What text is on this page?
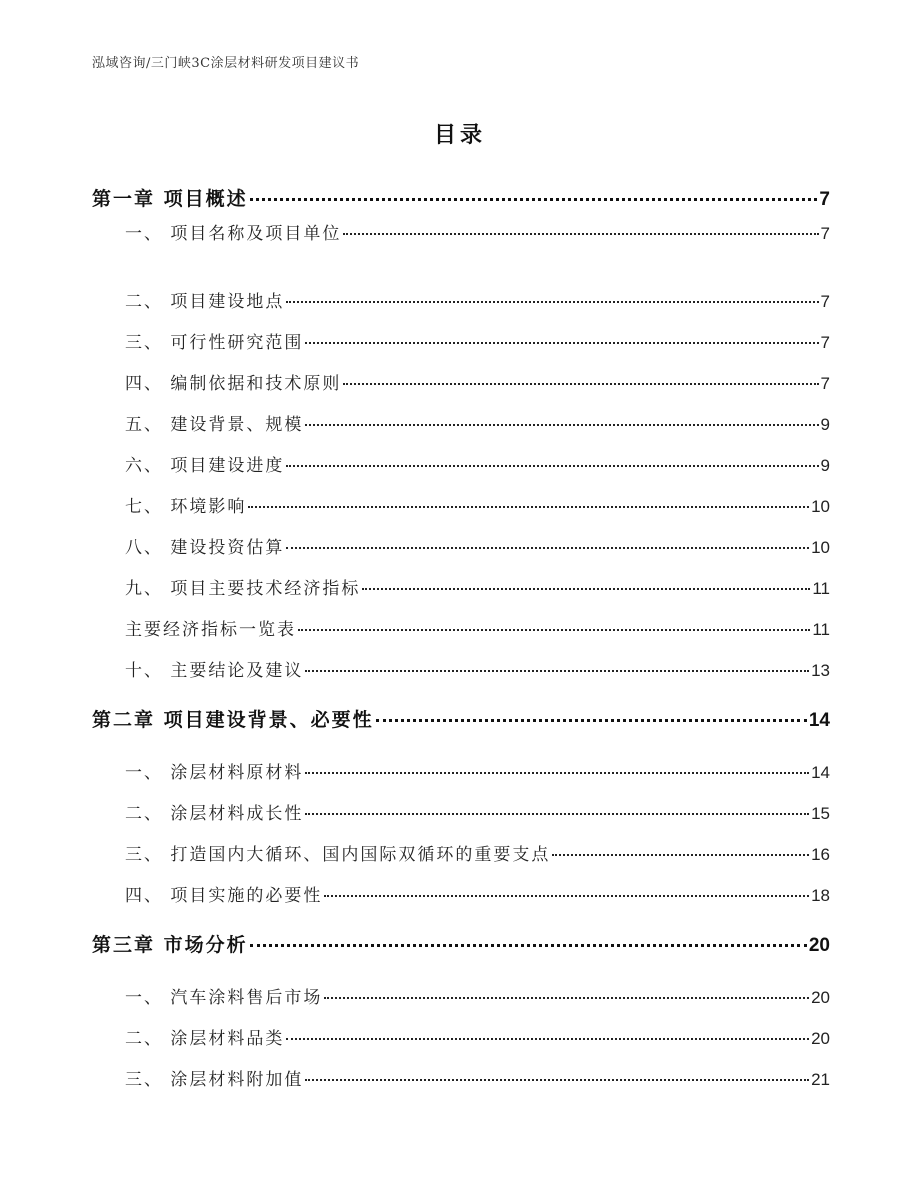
泓域咨询/三门峡3C涂层材料研发项目建议书
目录
第一章 项目概述	7
一、 项目名称及项目单位	7
二、 项目建设地点	7
三、 可行性研究范围	7
四、 编制依据和技术原则	7
五、 建设背景、规模	9
六、 项目建设进度	9
七、 环境影响	10
八、 建设投资估算	10
九、 项目主要技术经济指标	11
主要经济指标一览表	11
十、 主要结论及建议	13
第二章 项目建设背景、必要性	14
一、 涂层材料原材料	14
二、 涂层材料成长性	15
三、 打造国内大循环、国内国际双循环的重要支点	16
四、 项目实施的必要性	18
第三章 市场分析	20
一、 汽车涂料售后市场	20
二、 涂层材料品类	20
三、 涂层材料附加值	21
